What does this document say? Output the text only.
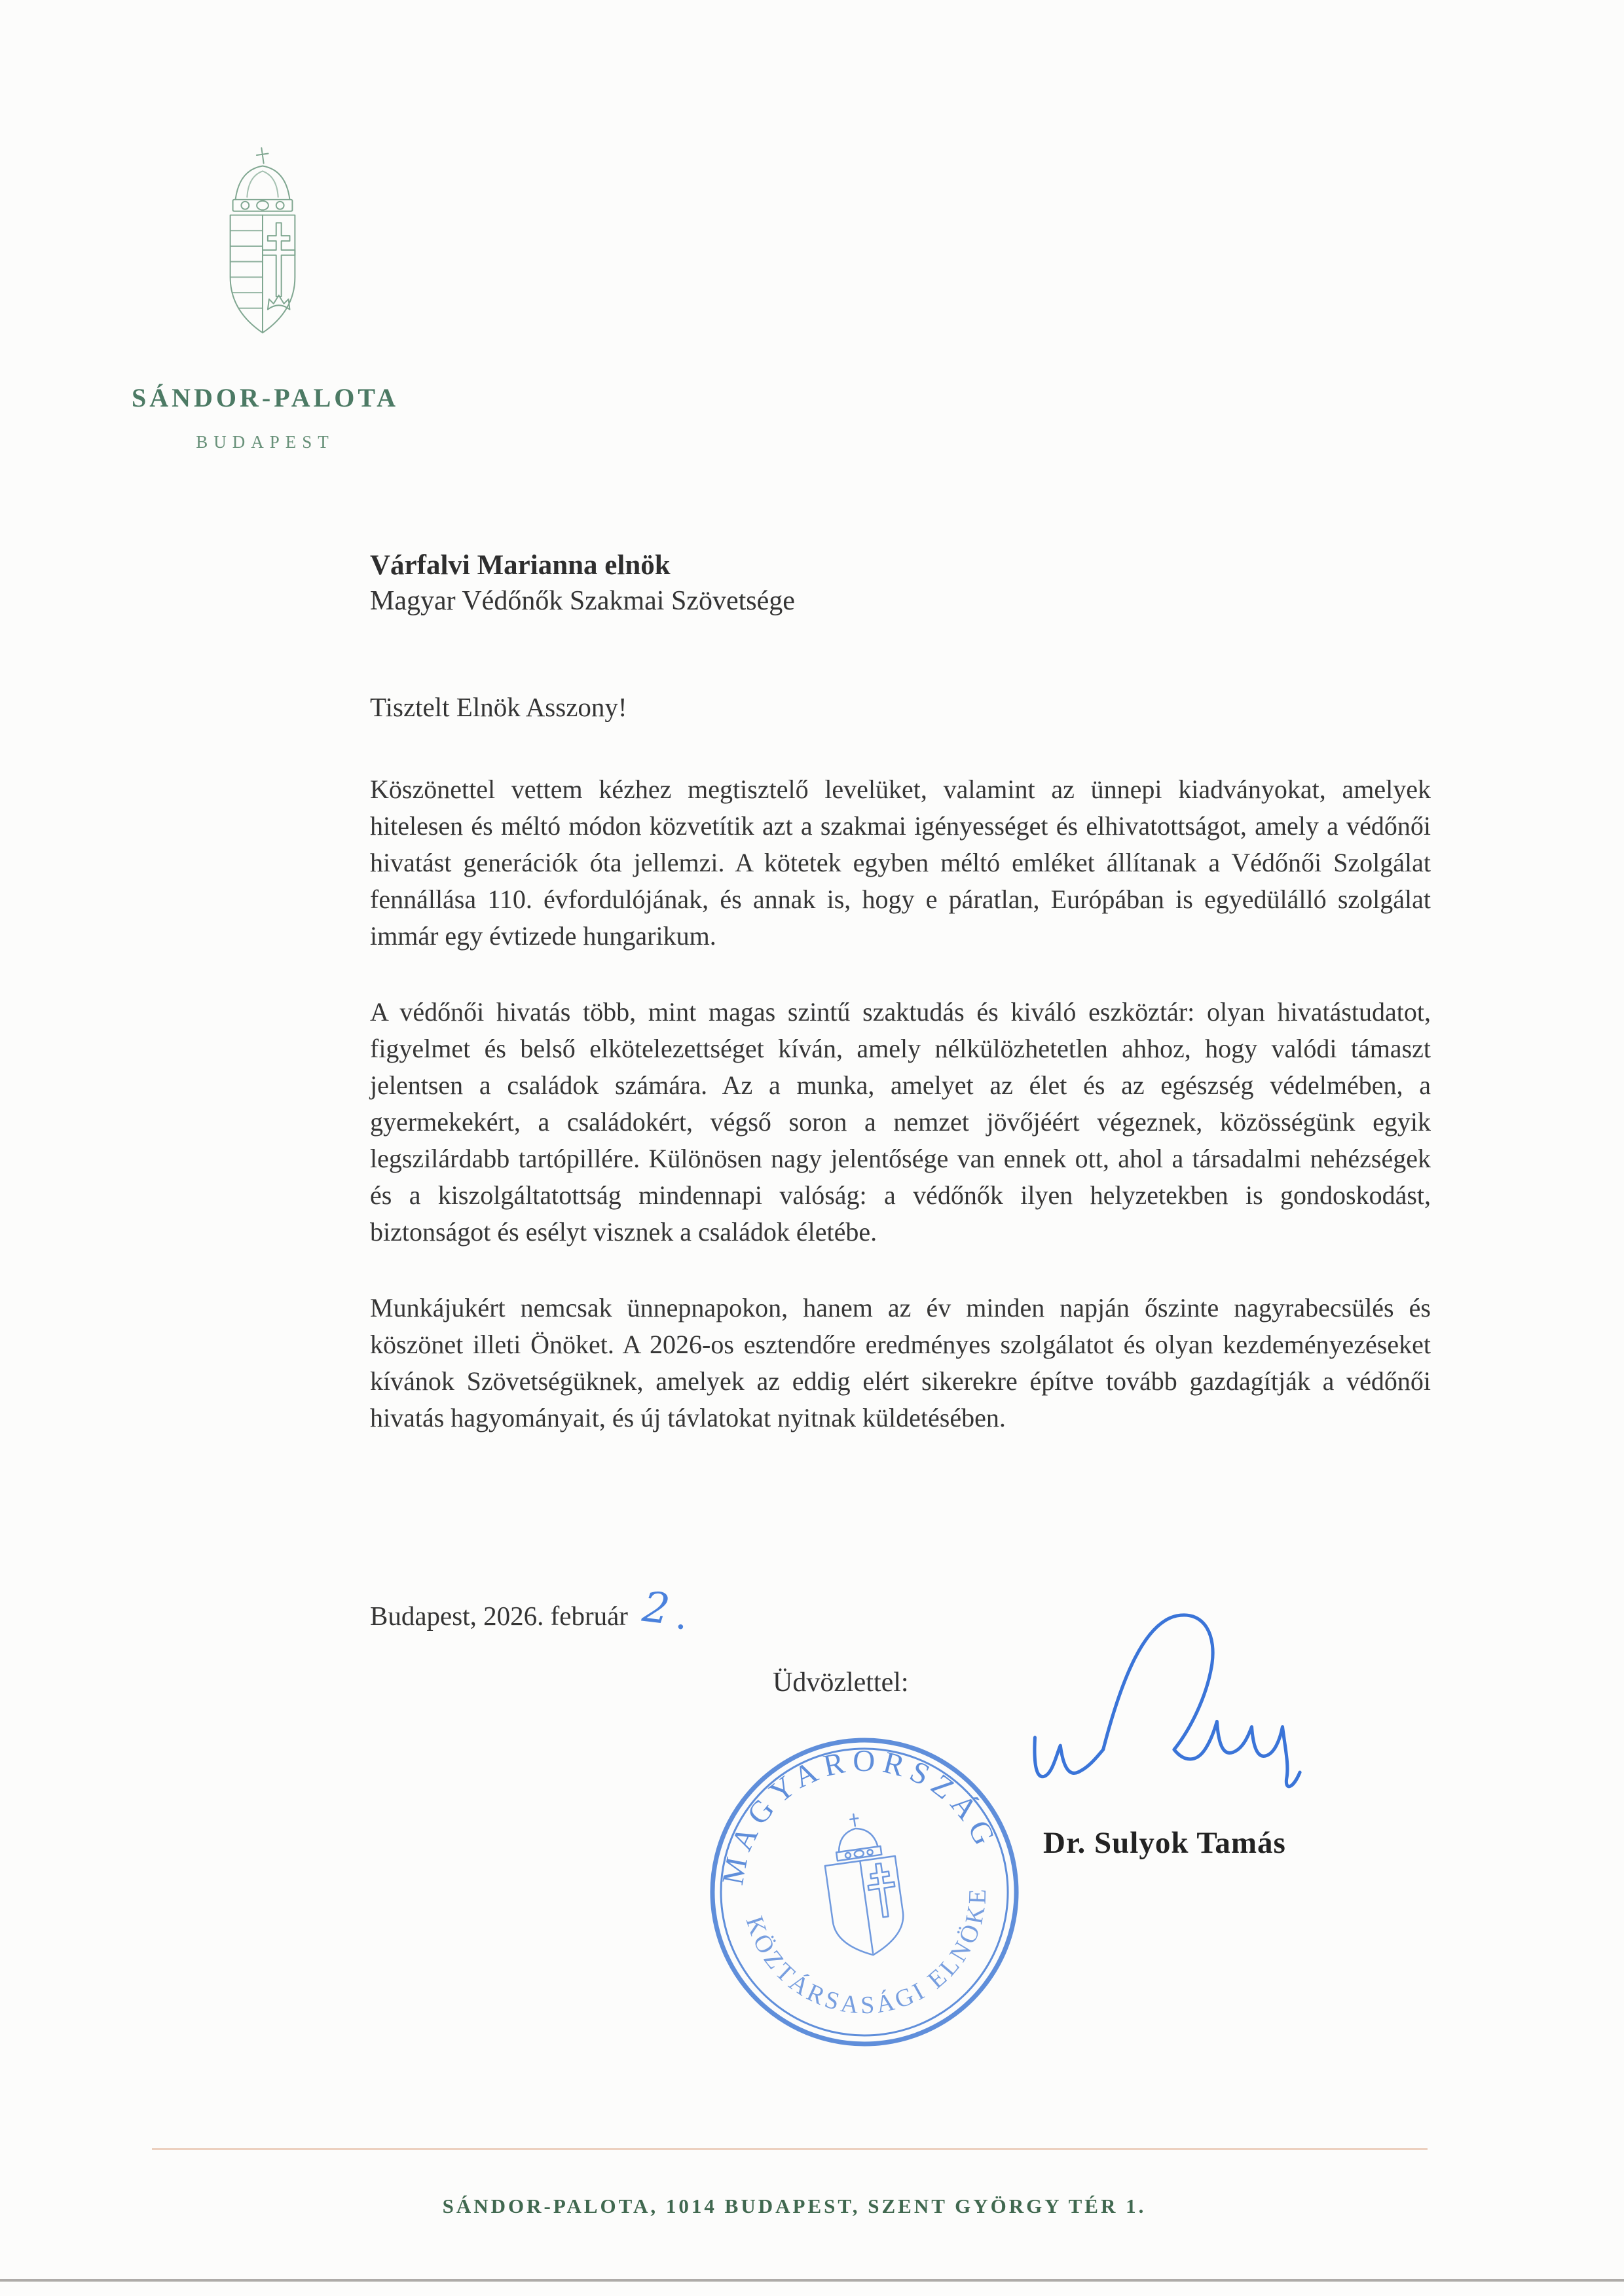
SÁNDOR-PALOTA
BUDAPEST
Várfalvi Marianna elnök
Magyar Védőnők Szakmai Szövetsége
Tisztelt Elnök Asszony!

Köszönettel vettem kézhez megtisztelő levelüket, valamint az ünnepi kiadványokat, amelyek hitelesen és méltó módon közvetítik azt a szakmai igényességet és elhivatottságot, amely a védőnői hivatást generációk óta jellemzi. A kötetek egyben méltó emléket állítanak a Védőnői Szolgálat fennállása 110. évfordulójának, és annak is, hogy e páratlan, Európában is egyedülálló szolgálat immár egy évtizede hungarikum.

A védőnői hivatás több, mint magas szintű szaktudás és kiváló eszköztár: olyan hivatástudatot, figyelmet és belső elkötelezettséget kíván, amely nélkülözhetetlen ahhoz, hogy valódi támaszt jelentsen a családok számára. Az a munka, amelyet az élet és az egészség védelmében, a gyermekekért, a családokért, végső soron a nemzet jövőjéért végeznek, közösségünk egyik legszilárdabb tartópillére. Különösen nagy jelentősége van ennek ott, ahol a társadalmi nehézségek és a kiszolgáltatottság mindennapi valóság: a védőnők ilyen helyzetekben is gondoskodást, biztonságot és esélyt visznek a családok életébe.

Munkájukért nemcsak ünnepnapokon, hanem az év minden napján őszinte nagyrabecsülés és köszönet illeti Önöket. A 2026-os esztendőre eredményes szolgálatot és olyan kezdeményezéseket kívánok Szövetségüknek, amelyek az eddig elért sikerekre építve tovább gazdagítják a védőnői hivatás hagyományait, és új távlatokat nyitnak küldetésében.

Budapest, 2026. február 2 .
Üdvözlettel:
MAGYARORSZÁG
KÖZTÁRSASÁGI ELNÖKE
Dr. Sulyok Tamás
SÁNDOR-PALOTA, 1014 BUDAPEST, SZENT GYÖRGY TÉR 1.
